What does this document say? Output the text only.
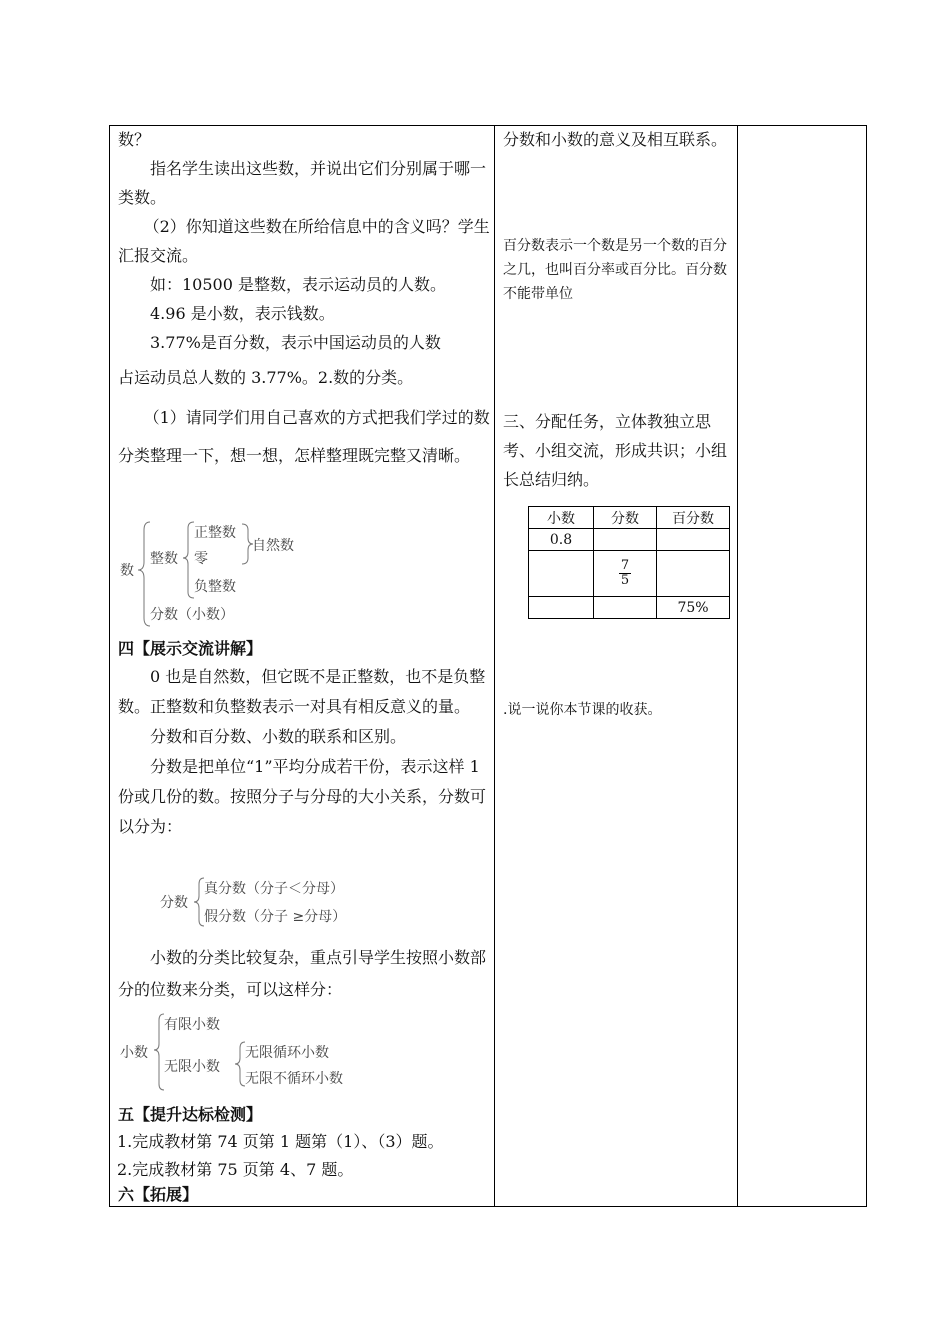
数？

指名学生读出这些数，并说出它们分别属于哪一类数。

（2）你知道这些数在所给信息中的含义吗？学生汇报交流。

如：10500 是整数，表示运动员的人数。

4.96 是小数，表示钱数。

3.77%是百分数，表示中国运动员的人数

占运动员总人数的 3.77%。2.数的分类。

（1）请同学们用自己喜欢的方式把我们学过的数分类整理一下，想一想，怎样整理既完整又清晰。

数
整数
正整数
零
负整数
自然数
分数（小数）

四【展示交流讲解】

0 也是自然数，但它既不是正整数，也不是负整数。正整数和负整数表示一对具有相反意义的量。

分数和百分数、小数的联系和区别。

分数是把单位“1”平均分成若干份，表示这样 1 份或几份的数。按照分子与分母的大小关系，分数可以分为：

分数
真分数（分子＜分母）
假分数（分子 ≥分母）

小数的分类比较复杂，重点引导学生按照小数部分的位数来分类，可以这样分：

小数
有限小数
无限小数
无限循环小数
无限不循环小数

五【提升达标检测】

1.完成教材第 74 页第 1 题第（1）、（3）题。

2.完成教材第 75 页第 4、7 题。

六【拓展】

分数和小数的意义及相互联系。

百分数表示一个数是另一个数的百分之几，也叫百分率或百分比。百分数不能带单位

三、分配任务，立体教独立思考、小组交流，形成共识；小组长总结归纳。

小数	分数	百分数
0.8		

	$\frac{7}{5}$

		75%

.说一说你本节课的收获。
